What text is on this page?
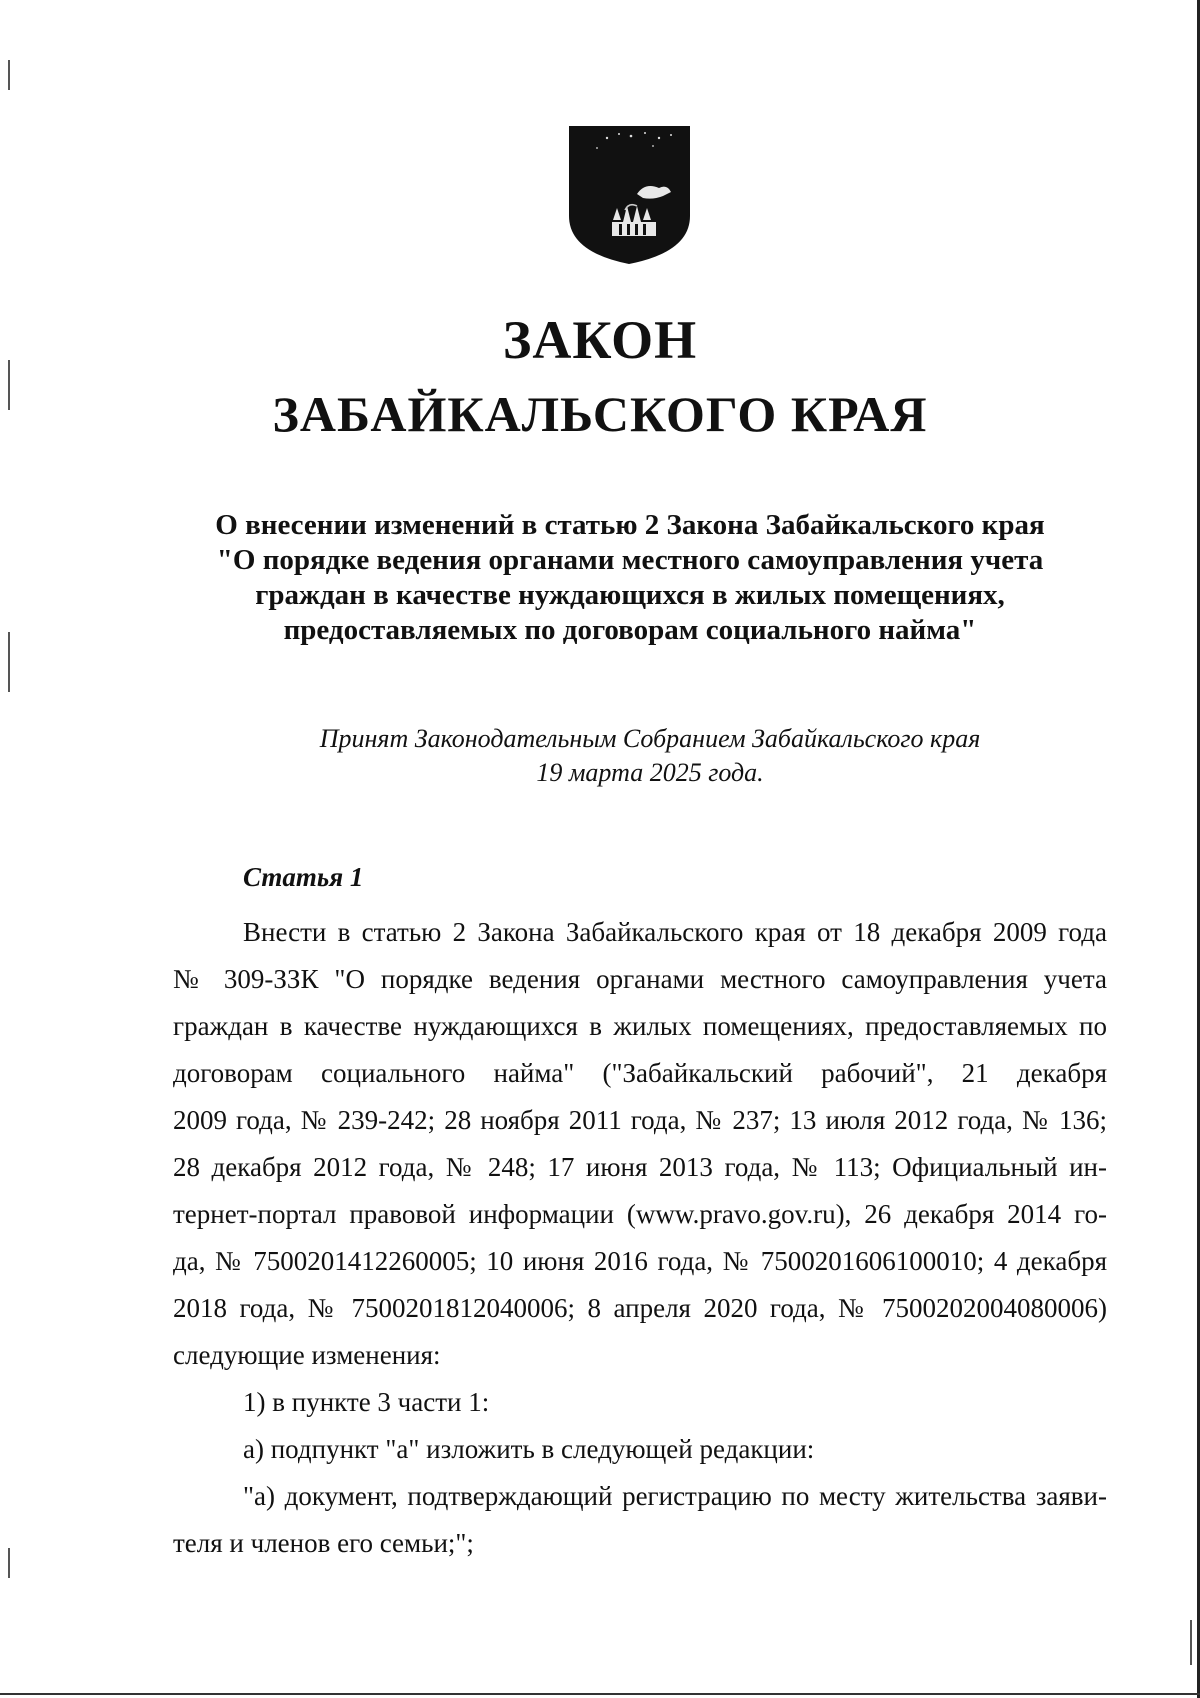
ЗАКОН
ЗАБАЙКАЛЬСКОГО КРАЯ
О внесении изменений в статью 2 Закона Забайкальского края
"О порядке ведения органами местного самоуправления учета
граждан в качестве нуждающихся в жилых помещениях,
предоставляемых по договорам социального найма"
Принят Законодательным Собранием Забайкальского края
19 марта 2025 года.
Статья 1
Внести в статью 2 Закона Забайкальского края от 18 декабря 2009 года
№ 309-ЗЗК "О порядке ведения органами местного самоуправления учета
граждан в качестве нуждающихся в жилых помещениях, предоставляемых по
договорам социального найма" ("Забайкальский рабочий", 21 декабря
2009 года, № 239-242; 28 ноября 2011 года, № 237; 13 июля 2012 года, № 136;
28 декабря 2012 года, № 248; 17 июня 2013 года, № 113; Официальный ин-
тернет-портал правовой информации (www.pravo.gov.ru), 26 декабря 2014 го-
да, № 7500201412260005; 10 июня 2016 года, № 7500201606100010; 4 декабря
2018 года, № 7500201812040006; 8 апреля 2020 года, № 7500202004080006)
следующие изменения:
1) в пункте 3 части 1:
а) подпункт "а" изложить в следующей редакции:
"а) документ, подтверждающий регистрацию по месту жительства заяви-
теля и членов его семьи;";
